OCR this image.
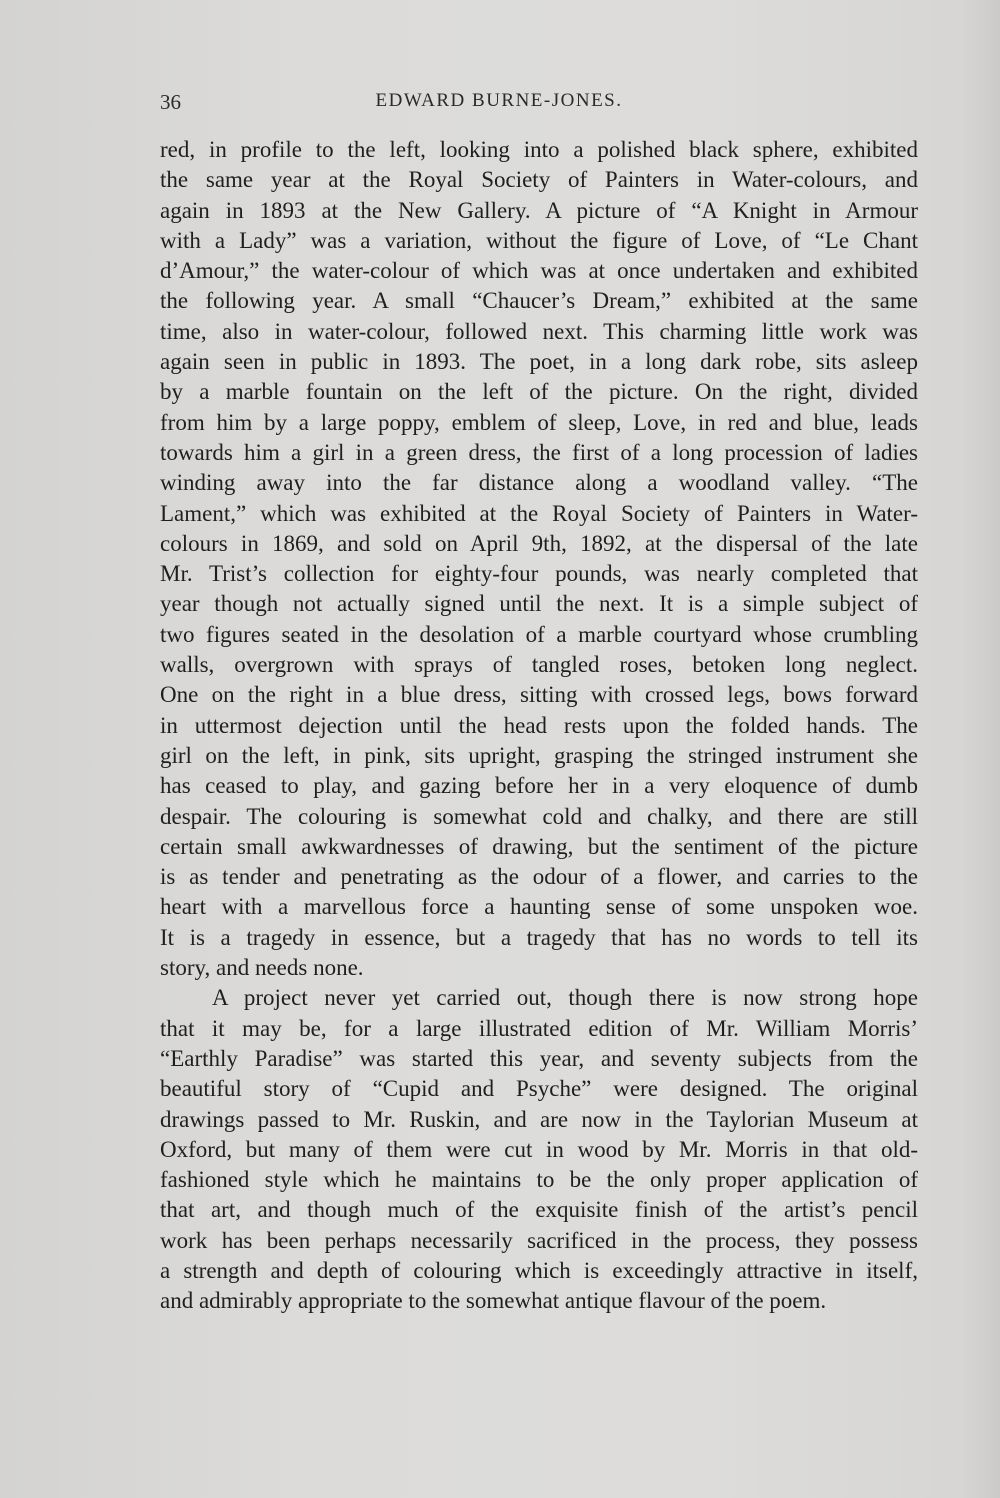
36	EDWARD BURNE-JONES.
red, in profile to the left, looking into a polished black sphere, exhibited
the same year at the Royal Society of Painters in Water-colours, and
again in 1893 at the New Gallery. A picture of “A Knight in Armour
with a Lady” was a variation, without the figure of Love, of “Le Chant
d’Amour,” the water-colour of which was at once undertaken and exhibited
the following year. A small “Chaucer’s Dream,” exhibited at the same
time, also in water-colour, followed next. This charming little work was
again seen in public in 1893. The poet, in a long dark robe, sits asleep
by a marble fountain on the left of the picture. On the right, divided
from him by a large poppy, emblem of sleep, Love, in red and blue, leads
towards him a girl in a green dress, the first of a long procession of ladies
winding away into the far distance along a woodland valley. “The
Lament,” which was exhibited at the Royal Society of Painters in Water-
colours in 1869, and sold on April 9th, 1892, at the dispersal of the late
Mr. Trist’s collection for eighty-four pounds, was nearly completed that
year though not actually signed until the next. It is a simple subject of
two figures seated in the desolation of a marble courtyard whose crumbling
walls, overgrown with sprays of tangled roses, betoken long neglect.
One on the right in a blue dress, sitting with crossed legs, bows forward
in uttermost dejection until the head rests upon the folded hands. The
girl on the left, in pink, sits upright, grasping the stringed instrument she
has ceased to play, and gazing before her in a very eloquence of dumb
despair. The colouring is somewhat cold and chalky, and there are still
certain small awkwardnesses of drawing, but the sentiment of the picture
is as tender and penetrating as the odour of a flower, and carries to the
heart with a marvellous force a haunting sense of some unspoken woe.
It is a tragedy in essence, but a tragedy that has no words to tell its
story, and needs none.
A project never yet carried out, though there is now strong hope
that it may be, for a large illustrated edition of Mr. William Morris’
“Earthly Paradise” was started this year, and seventy subjects from the
beautiful story of “Cupid and Psyche” were designed. The original
drawings passed to Mr. Ruskin, and are now in the Taylorian Museum at
Oxford, but many of them were cut in wood by Mr. Morris in that old-
fashioned style which he maintains to be the only proper application of
that art, and though much of the exquisite finish of the artist’s pencil
work has been perhaps necessarily sacrificed in the process, they possess
a strength and depth of colouring which is exceedingly attractive in itself,
and admirably appropriate to the somewhat antique flavour of the poem.
